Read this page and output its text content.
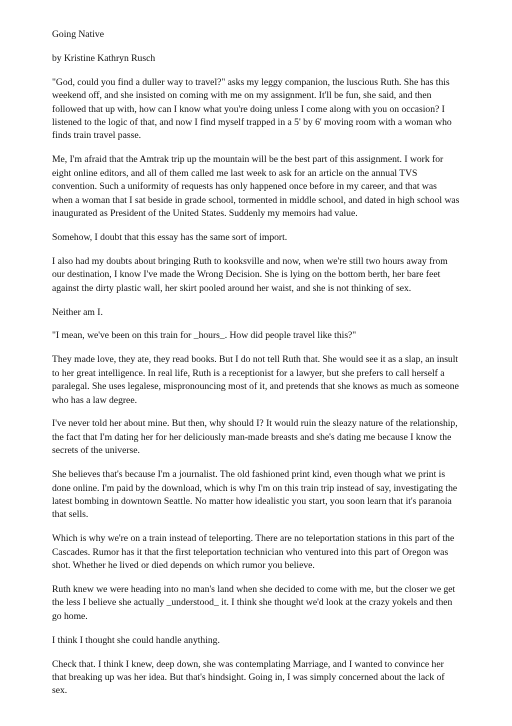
Going Native

by Kristine Kathryn Rusch

"God, could you find a duller way to travel?" asks my leggy companion, the luscious Ruth. She has this weekend off, and she insisted on coming with me on my assignment. It'll be fun, she said, and then followed that up with, how can I know what you're doing unless I come along with you on occasion? I listened to the logic of that, and now I find myself trapped in a 5' by 6' moving room with a woman who finds train travel passe.

Me, I'm afraid that the Amtrak trip up the mountain will be the best part of this assignment. I work for eight online editors, and all of them called me last week to ask for an article on the annual TVS convention. Such a uniformity of requests has only happened once before in my career, and that was when a woman that I sat beside in grade school, tormented in middle school, and dated in high school was inaugurated as President of the United States. Suddenly my memoirs had value.

Somehow, I doubt that this essay has the same sort of import.

I also had my doubts about bringing Ruth to kooksville and now, when we're still two hours away from our destination, I know I've made the Wrong Decision. She is lying on the bottom berth, her bare feet against the dirty plastic wall, her skirt pooled around her waist, and she is not thinking of sex.

Neither am I.

"I mean, we've been on this train for _hours_. How did people travel like this?"

They made love, they ate, they read books. But I do not tell Ruth that. She would see it as a slap, an insult to her great intelligence. In real life, Ruth is a receptionist for a lawyer, but she prefers to call herself a paralegal. She uses legalese, mispronouncing most of it, and pretends that she knows as much as someone who has a law degree.

I've never told her about mine. But then, why should I? It would ruin the sleazy nature of the relationship, the fact that I'm dating her for her deliciously man-made breasts and she's dating me because I know the secrets of the universe.

She believes that's because I'm a journalist. The old fashioned print kind, even though what we print is done online. I'm paid by the download, which is why I'm on this train trip instead of say, investigating the latest bombing in downtown Seattle. No matter how idealistic you start, you soon learn that it's paranoia that sells.

Which is why we're on a train instead of teleporting. There are no teleportation stations in this part of the Cascades. Rumor has it that the first teleportation technician who ventured into this part of Oregon was shot. Whether he lived or died depends on which rumor you believe.

Ruth knew we were heading into no man's land when she decided to come with me, but the closer we get the less I believe she actually _understood_ it. I think she thought we'd look at the crazy yokels and then go home.

I think I thought she could handle anything.

Check that. I think I knew, deep down, she was contemplating Marriage, and I wanted to convince her that breaking up was her idea. But that's hindsight. Going in, I was simply concerned about the lack of sex.
